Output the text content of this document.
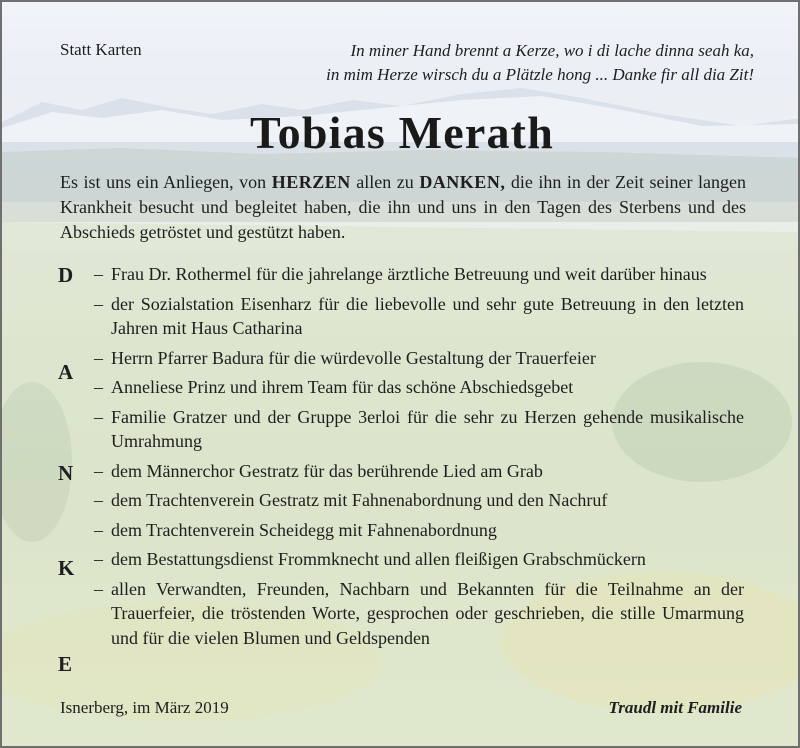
Statt Karten	In miner Hand brennt a Kerze, wo i di lache dinna seah ka,
in mim Herze wirsch du a Plätzle hong ... Danke fir all dia Zit!
Tobias Merath
Es ist uns ein Anliegen, von HERZEN allen zu DANKEN, die ihn in der Zeit seiner langen Krankheit besucht und begleitet haben, die ihn und uns in den Tagen des Sterbens und des Abschieds getröstet und gestützt haben.
D
A
N
K
E
– Frau Dr. Rothermel für die jahrelange ärztliche Betreuung und weit darüber hinaus
– der Sozialstation Eisenharz für die liebevolle und sehr gute Betreuung in den letzten Jahren mit Haus Catharina
– Herrn Pfarrer Badura für die würdevolle Gestaltung der Trauerfeier
– Anneliese Prinz und ihrem Team für das schöne Abschiedsgebet
– Familie Gratzer und der Gruppe 3erloi für die sehr zu Herzen gehende musikalische Umrahmung
– dem Männerchor Gestratz für das berührende Lied am Grab
– dem Trachtenverein Gestratz mit Fahnenabordnung und den Nachruf
– dem Trachtenverein Scheidegg mit Fahnenabordnung
– dem Bestattungsdienst Frommknecht und allen fleißigen Grabschmückern
– allen Verwandten, Freunden, Nachbarn und Bekannten für die Teilnahme an der Trauerfeier, die tröstenden Worte, gesprochen oder geschrieben, die stille Umarmung und für die vielen Blumen und Geldspenden
Isnerberg, im März 2019	Traudl mit Familie
